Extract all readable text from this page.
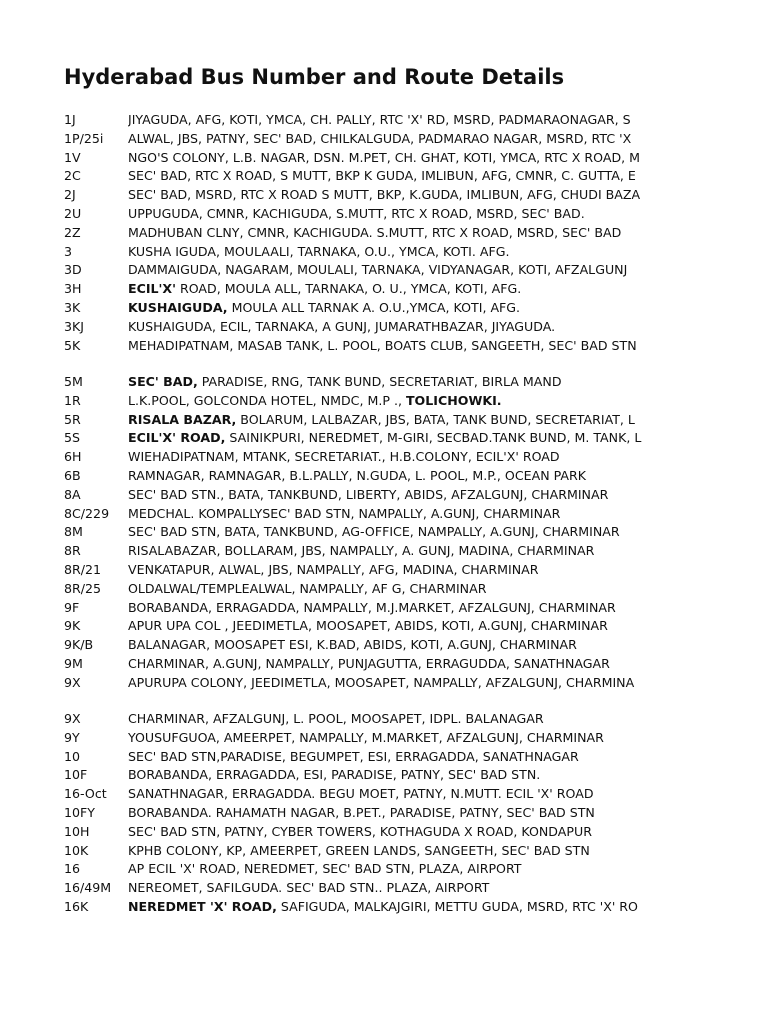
Hyderabad Bus Number and Route Details
1J	JIYAGUDA, AFG, KOTI, YMCA, CH. PALLY, RTC 'X' RD, MSRD, PADMARAONAGAR, S
1P/25i	ALWAL, JBS, PATNY, SEC' BAD, CHILKALGUDA, PADMARAO NAGAR, MSRD, RTC 'X
1V	NGO'S COLONY, L.B. NAGAR, DSN. M.PET, CH. GHAT, KOTI, YMCA, RTC X ROAD, M
2C	SEC' BAD, RTC X ROAD, S MUTT, BKP K GUDA, IMLIBUN, AFG, CMNR, C. GUTTA, E
2J	SEC' BAD, MSRD, RTC X ROAD S MUTT, BKP, K.GUDA, IMLIBUN, AFG, CHUDI BAZA
2U	UPPUGUDA, CMNR, KACHIGUDA, S.MUTT, RTC X ROAD, MSRD, SEC' BAD.
2Z	MADHUBAN CLNY, CMNR, KACHIGUDA. S.MUTT, RTC X ROAD, MSRD, SEC' BAD
3	KUSHA IGUDA, MOULAALI, TARNAKA, O.U., YMCA, KOTI. AFG.
3D	DAMMAIGUDA, NAGARAM, MOULALI, TARNAKA, VIDYANAGAR, KOTI, AFZALGUNJ
3H	ECIL'X' ROAD, MOULA ALL, TARNAKA, O. U., YMCA, KOTI, AFG.
3K	KUSHAIGUDA, MOULA ALL TARNAK A. O.U.,YMCA, KOTI, AFG.
3KJ	KUSHAIGUDA, ECIL, TARNAKA, A GUNJ, JUMARATHBAZAR, JIYAGUDA.
5K	MEHADIPATNAM, MASAB TANK, L. POOL, BOATS CLUB, SANGEETH, SEC' BAD STN
5M	SEC' BAD, PARADISE, RNG, TANK BUND, SECRETARIAT, BIRLA MAND
1R	L.K.POOL, GOLCONDA HOTEL, NMDC, M.P ., TOLICHOWKI.
5R	RISALA BAZAR, BOLARUM, LALBAZAR, JBS, BATA, TANK BUND, SECRETARIAT, L
5S	ECIL'X' ROAD, SAINIKPURI, NEREDMET, M-GIRI, SECBAD.TANK BUND, M. TANK, L
6H	WIEHADIPATNAM, MTANK, SECRETARIAT., H.B.COLONY, ECIL'X' ROAD
6B	RAMNAGAR, RAMNAGAR, B.L.PALLY, N.GUDA, L. POOL, M.P., OCEAN PARK
8A	SEC' BAD STN., BATA, TANKBUND, LIBERTY, ABIDS, AFZALGUNJ, CHARMINAR
8C/229	MEDCHAL. KOMPALLYSEC' BAD STN, NAMPALLY, A.GUNJ, CHARMINAR
8M	SEC' BAD STN, BATA, TANKBUND, AG-OFFICE, NAMPALLY, A.GUNJ, CHARMINAR
8R	RISALABAZAR, BOLLARAM, JBS, NAMPALLY, A. GUNJ, MADINA, CHARMINAR
8R/21	VENKATAPUR, ALWAL, JBS, NAMPALLY, AFG, MADINA, CHARMINAR
8R/25	OLDALWAL/TEMPLEALWAL, NAMPALLY, AF G, CHARMINAR
9F	BORABANDA, ERRAGADDA, NAMPALLY, M.J.MARKET, AFZALGUNJ, CHARMINAR
9K	APUR UPA COL , JEEDIMETLA, MOOSAPET, ABIDS, KOTI, A.GUNJ, CHARMINAR
9K/B	BALANAGAR, MOOSAPET ESI, K.BAD, ABIDS, KOTI, A.GUNJ, CHARMINAR
9M	CHARMINAR, A.GUNJ, NAMPALLY, PUNJAGUTTA, ERRAGUDDA, SANATHNAGAR
9X	APURUPA COLONY, JEEDIMETLA, MOOSAPET, NAMPALLY, AFZALGUNJ, CHARMINA
9X	CHARMINAR, AFZALGUNJ, L. POOL, MOOSAPET, IDPL. BALANAGAR
9Y	YOUSUFGUOA, AMEERPET, NAMPALLY, M.MARKET, AFZALGUNJ, CHARMINAR
10	SEC' BAD STN,PARADISE, BEGUMPET, ESI, ERRAGADDA, SANATHNAGAR
10F	BORABANDA, ERRAGADDA, ESI, PARADISE, PATNY, SEC' BAD STN.
16-Oct	SANATHNAGAR, ERRAGADDA. BEGU MOET, PATNY, N.MUTT. ECIL 'X' ROAD
10FY	BORABANDA. RAHAMATH NAGAR, B.PET., PARADISE, PATNY, SEC' BAD STN
10H	SEC' BAD STN, PATNY, CYBER TOWERS, KOTHAGUDA X ROAD, KONDAPUR
10K	KPHB COLONY, KP, AMEERPET, GREEN LANDS, SANGEETH, SEC' BAD STN
16	AP ECIL 'X' ROAD, NEREDMET, SEC' BAD STN, PLAZA, AIRPORT
16/49M	NEREOMET, SAFILGUDA. SEC' BAD STN.. PLAZA, AIRPORT
16K	NEREDMET 'X' ROAD, SAFIGUDA, MALKAJGIRI, METTU GUDA, MSRD, RTC 'X' RO
